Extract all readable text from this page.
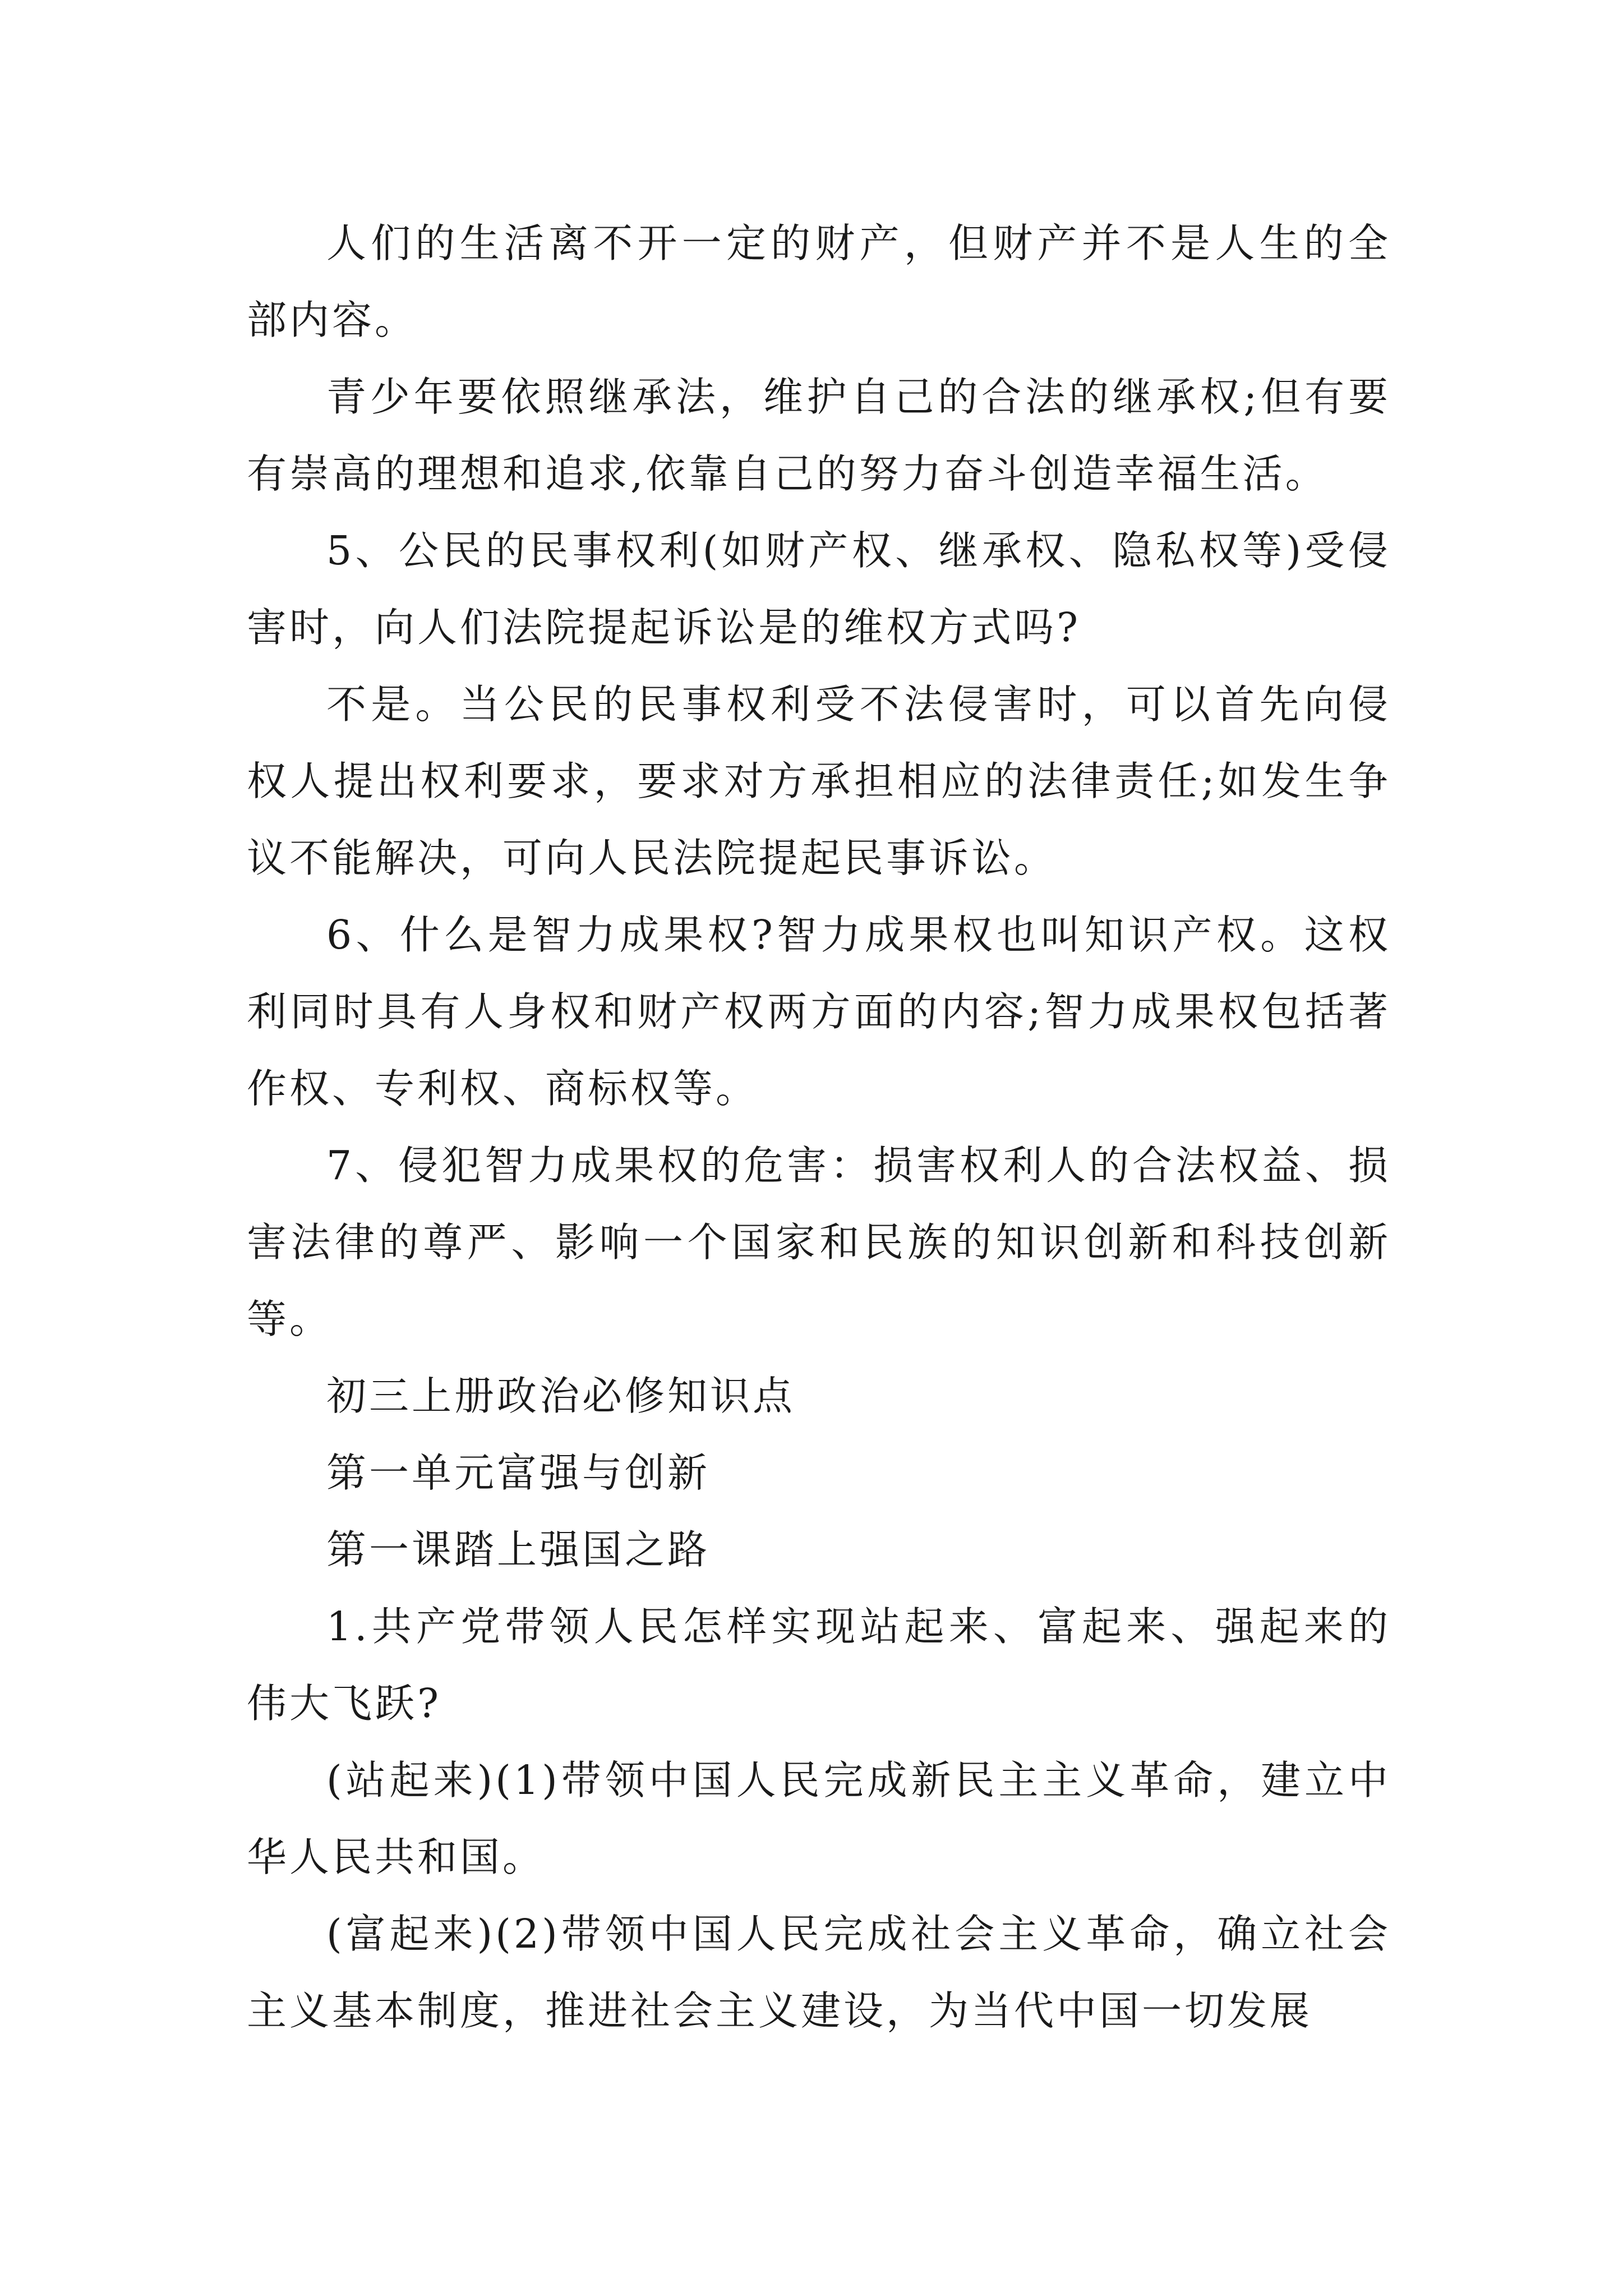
人们的生活离不开一定的财产，但财产并不是人生的全部内容。

青少年要依照继承法，维护自己的合法的继承权;但有要有崇高的理想和追求,依靠自己的努力奋斗创造幸福生活。

5、公民的民事权利(如财产权、继承权、隐私权等)受侵害时，向人们法院提起诉讼是的维权方式吗?

不是。当公民的民事权利受不法侵害时，可以首先向侵权人提出权利要求，要求对方承担相应的法律责任;如发生争议不能解决，可向人民法院提起民事诉讼。

6、什么是智力成果权?智力成果权也叫知识产权。这权利同时具有人身权和财产权两方面的内容;智力成果权包括著作权、专利权、商标权等。

7、侵犯智力成果权的危害：损害权利人的合法权益、损害法律的尊严、影响一个国家和民族的知识创新和科技创新等。

初三上册政治必修知识点

第一单元富强与创新

第一课踏上强国之路

1.共产党带领人民怎样实现站起来、富起来、强起来的伟大飞跃?

(站起来)(1)带领中国人民完成新民主主义革命，建立中华人民共和国。

(富起来)(2)带领中国人民完成社会主义革命，确立社会主义基本制度，推进社会主义建设，为当代中国一切发展
